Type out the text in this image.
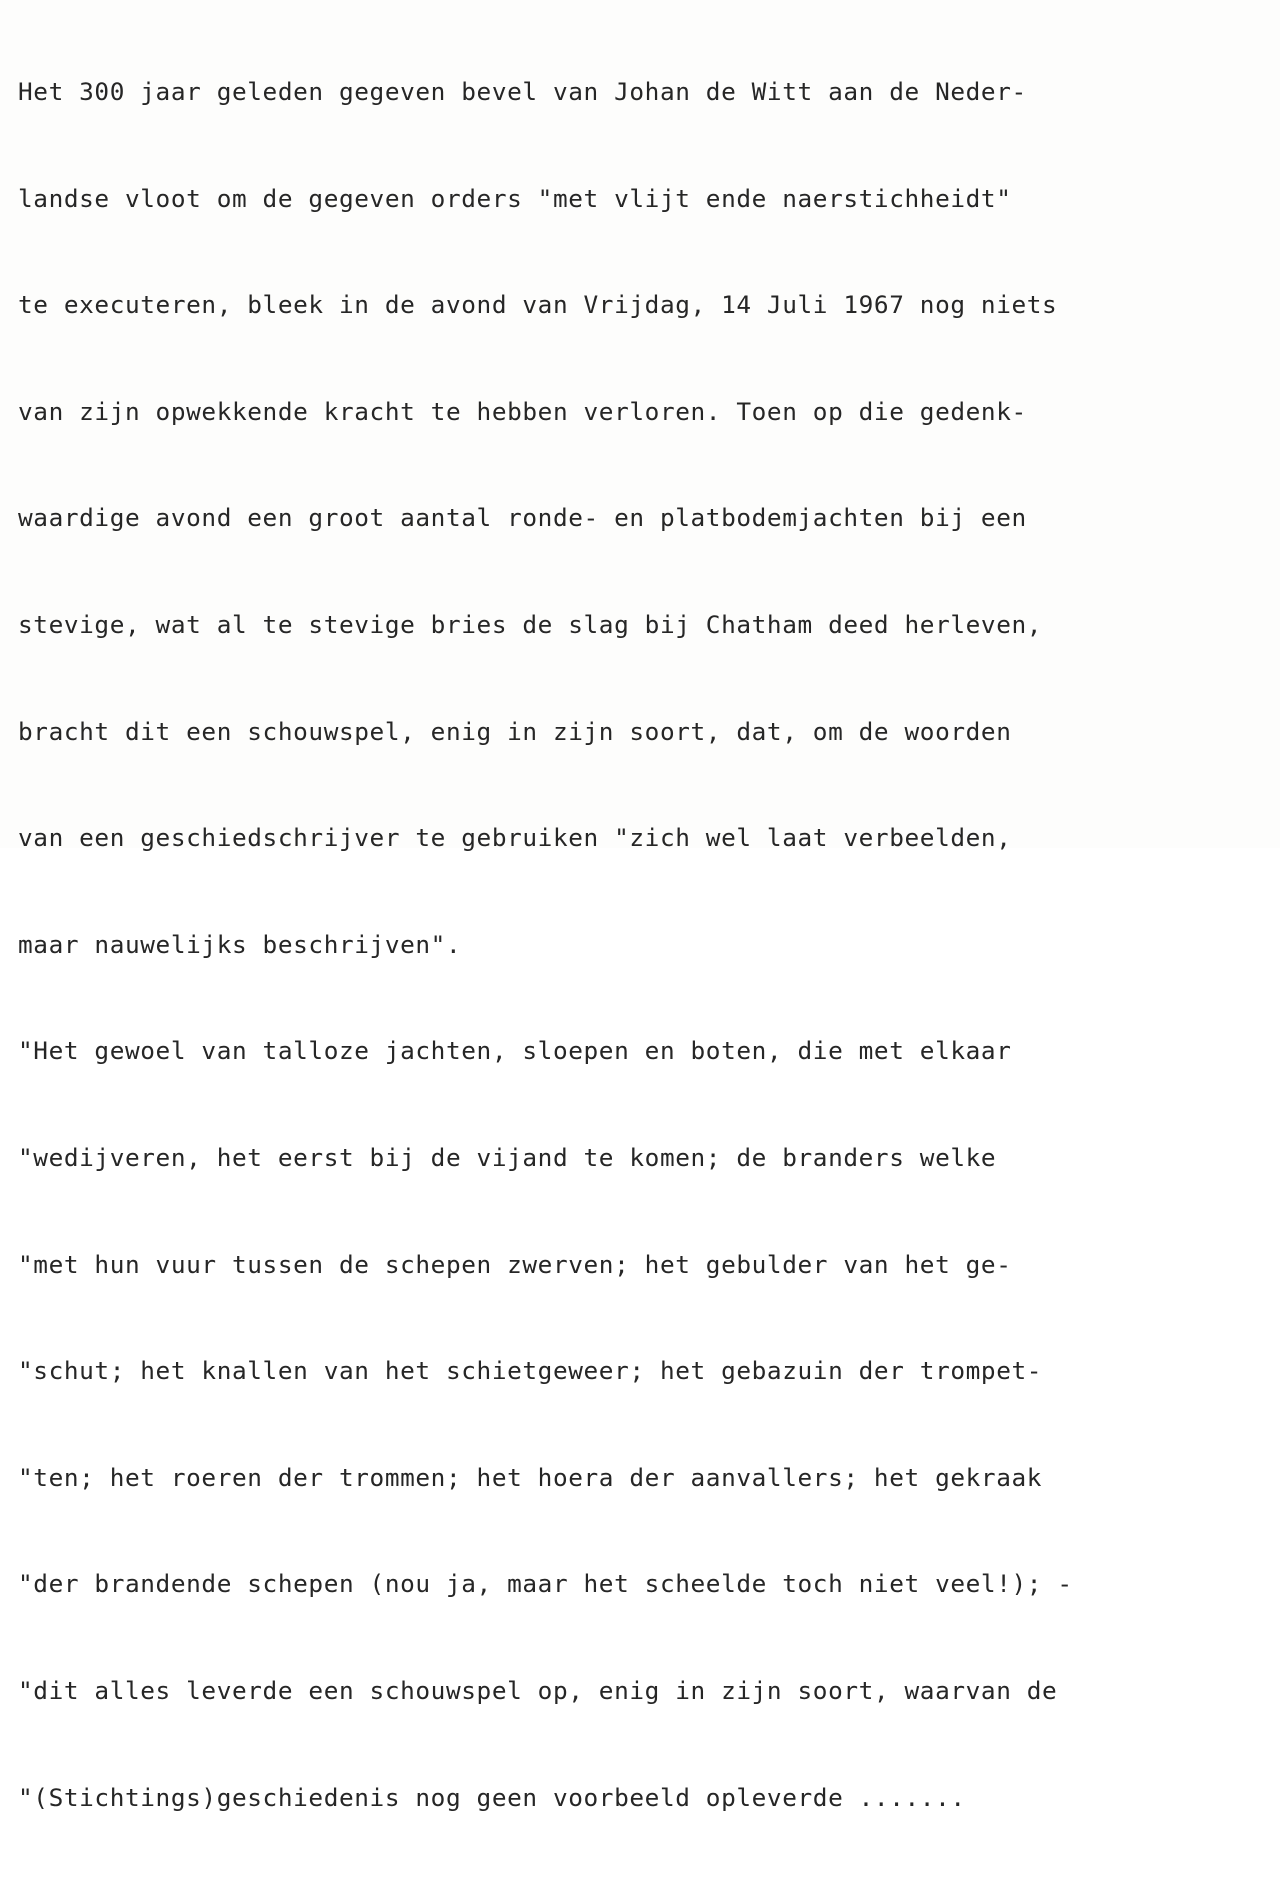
Het 300 jaar geleden gegeven bevel van Johan de Witt aan de Neder-

landse vloot om de gegeven orders "met vlijt ende naerstichheidt"

te executeren, bleek in de avond van Vrijdag, 14 Juli 1967 nog niets

van zijn opwekkende kracht te hebben verloren. Toen op die gedenk-

waardige avond een groot aantal ronde- en platbodemjachten bij een

stevige, wat al te stevige bries de slag bij Chatham deed herleven,

bracht dit een schouwspel, enig in zijn soort, dat, om de woorden

van een geschiedschrijver te gebruiken "zich wel laat verbeelden,

maar nauwelijks beschrijven".

"Het gewoel van talloze jachten, sloepen en boten, die met elkaar

"wedijveren, het eerst bij de vijand te komen; de branders welke

"met hun vuur tussen de schepen zwerven; het gebulder van het ge-

"schut; het knallen van het schietgeweer; het gebazuin der trompet-

"ten; het roeren der trommen; het hoera der aanvallers; het gekraak

"der brandende schepen (nou ja, maar het scheelde toch niet veel!); -

"dit alles leverde een schouwspel op, enig in zijn soort, waarvan de

"(Stichtings)geschiedenis nog geen voorbeeld opleverde .......
